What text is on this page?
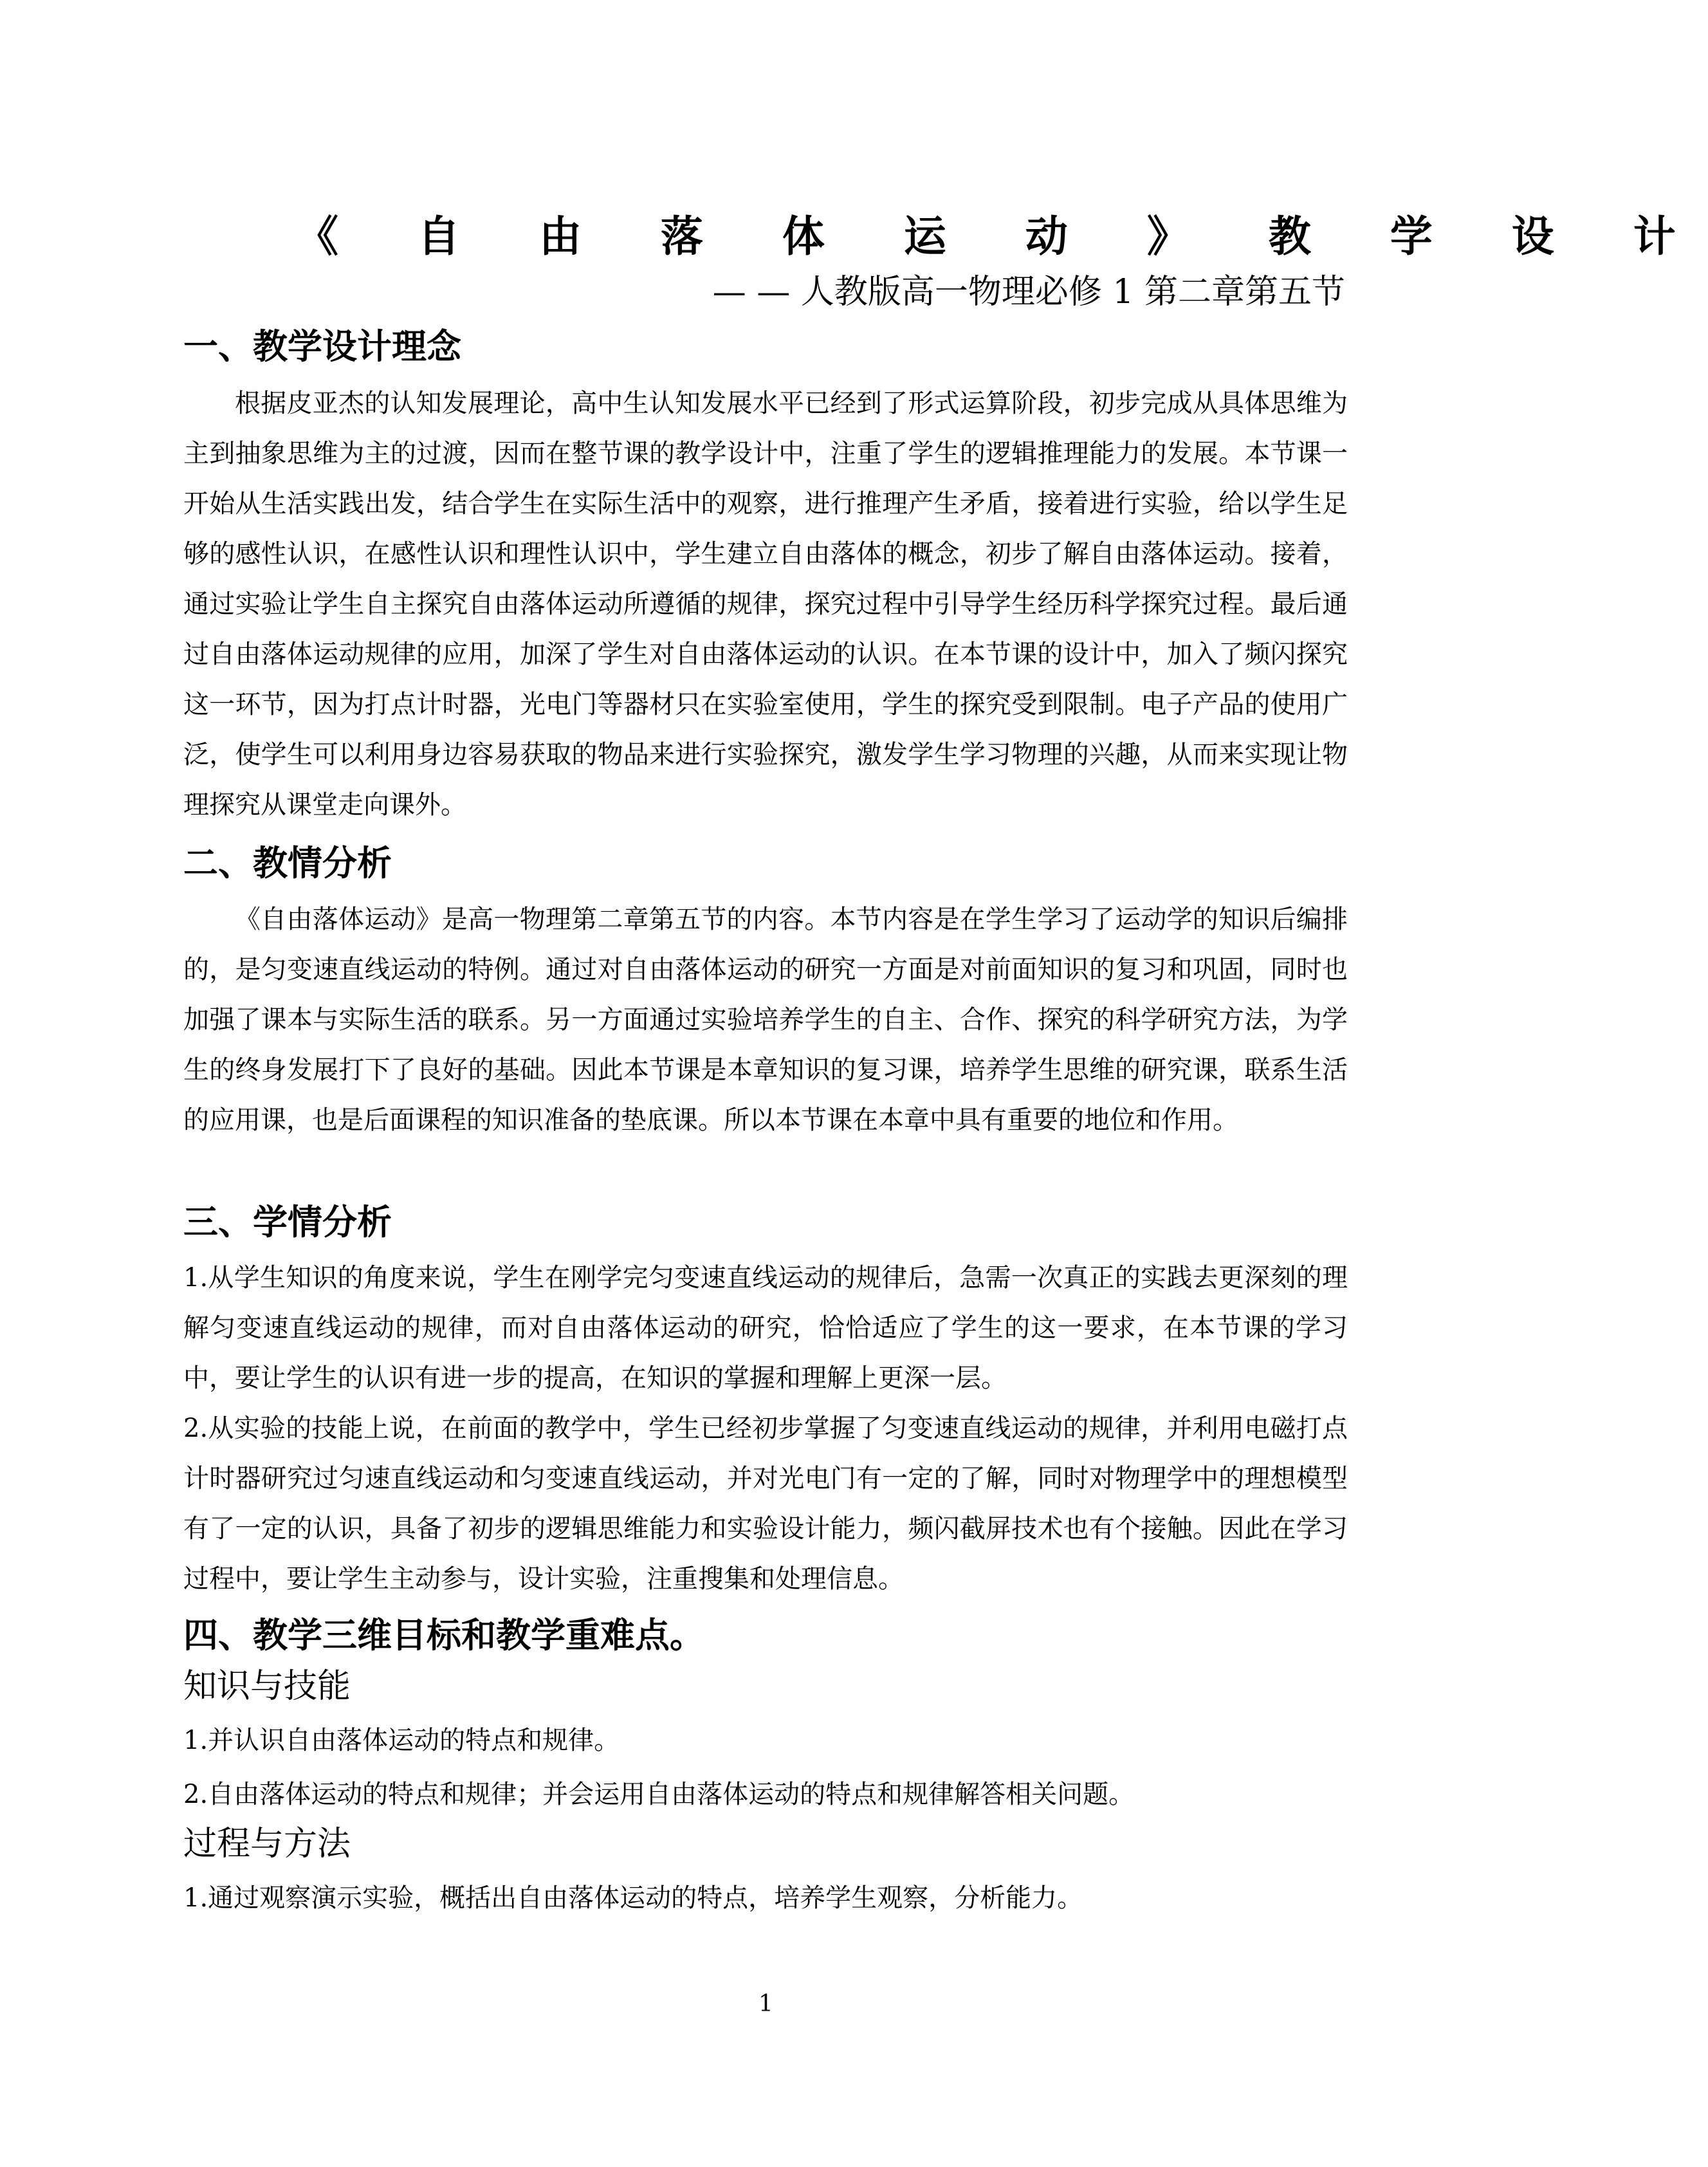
《 自 由 落 体 运 动 》 教 学 设 计
— — 人教版高一物理必修 1 第二章第五节
一、教学设计理念
根据皮亚杰的认知发展理论，高中生认知发展水平已经到了形式运算阶段，初步完成从具体思维为主到抽象思维为主的过渡，因而在整节课的教学设计中，注重了学生的逻辑推理能力的发展。本节课一开始从生活实践出发，结合学生在实际生活中的观察，进行推理产生矛盾，接着进行实验，给以学生足够的感性认识，在感性认识和理性认识中，学生建立自由落体的概念，初步了解自由落体运动。接着，通过实验让学生自主探究自由落体运动所遵循的规律，探究过程中引导学生经历科学探究过程。最后通过自由落体运动规律的应用，加深了学生对自由落体运动的认识。在本节课的设计中，加入了频闪探究这一环节，因为打点计时器，光电门等器材只在实验室使用，学生的探究受到限制。电子产品的使用广泛，使学生可以利用身边容易获取的物品来进行实验探究，激发学生学习物理的兴趣，从而来实现让物理探究从课堂走向课外。
二、教情分析
《自由落体运动》是高一物理第二章第五节的内容。本节内容是在学生学习了运动学的知识后编排的，是匀变速直线运动的特例。通过对自由落体运动的研究一方面是对前面知识的复习和巩固，同时也加强了课本与实际生活的联系。另一方面通过实验培养学生的自主、合作、探究的科学研究方法，为学生的终身发展打下了良好的基础。因此本节课是本章知识的复习课，培养学生思维的研究课，联系生活的应用课，也是后面课程的知识准备的垫底课。所以本节课在本章中具有重要的地位和作用。
三、学情分析
1.从学生知识的角度来说，学生在刚学完匀变速直线运动的规律后，急需一次真正的实践去更深刻的理解匀变速直线运动的规律，而对自由落体运动的研究，恰恰适应了学生的这一要求，在本节课的学习中，要让学生的认识有进一步的提高，在知识的掌握和理解上更深一层。
2.从实验的技能上说，在前面的教学中，学生已经初步掌握了匀变速直线运动的规律，并利用电磁打点计时器研究过匀速直线运动和匀变速直线运动，并对光电门有一定的了解，同时对物理学中的理想模型有了一定的认识，具备了初步的逻辑思维能力和实验设计能力，频闪截屏技术也有个接触。因此在学习过程中，要让学生主动参与，设计实验，注重搜集和处理信息。
四、教学三维目标和教学重难点。
知识与技能
1.并认识自由落体运动的特点和规律。
2.自由落体运动的特点和规律；并会运用自由落体运动的特点和规律解答相关问题。
过程与方法
1.通过观察演示实验，概括出自由落体运动的特点，培养学生观察，分析能力。
1
